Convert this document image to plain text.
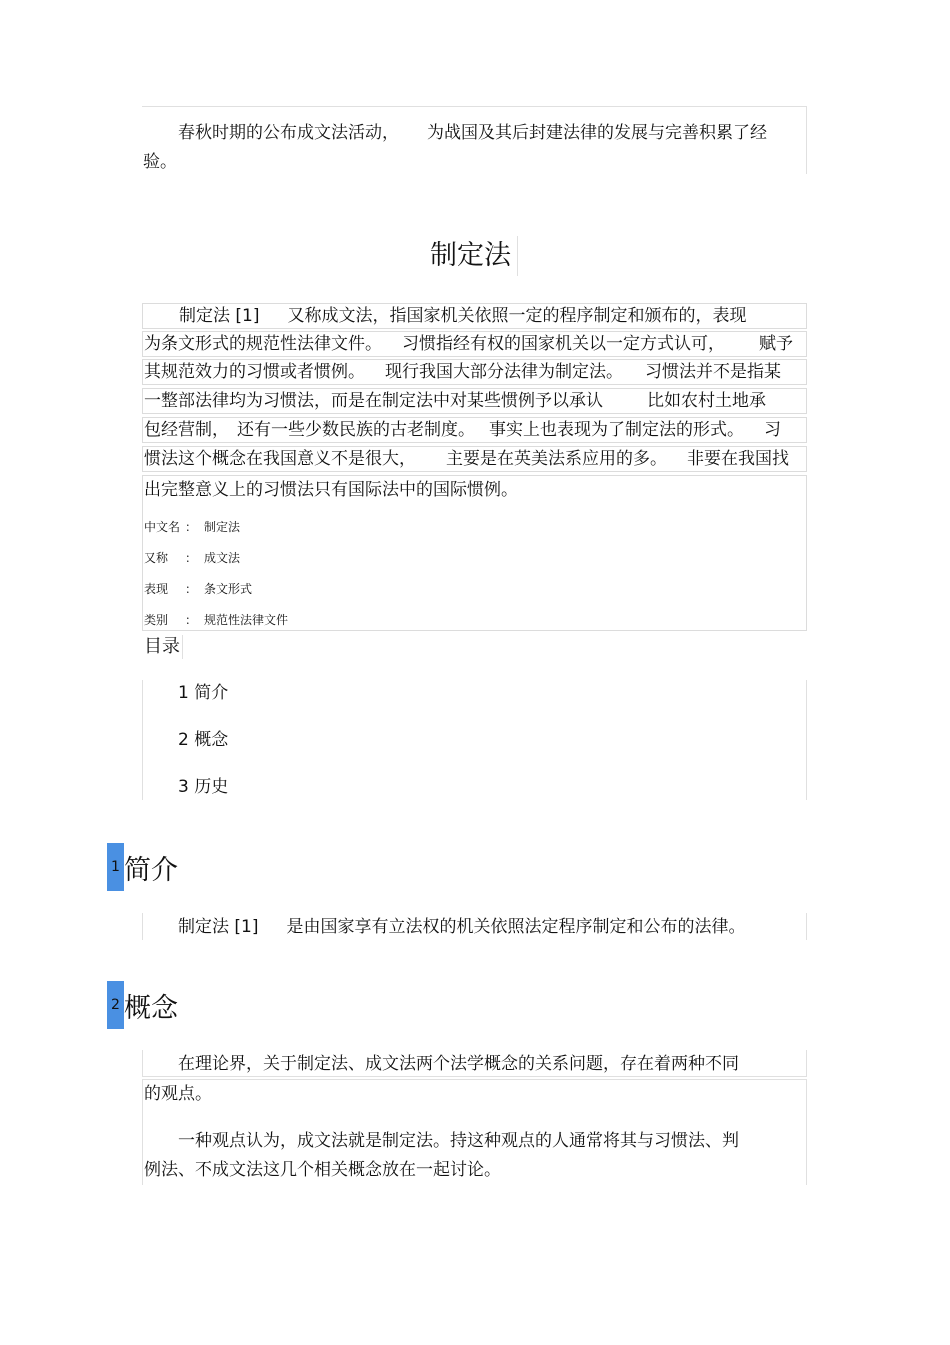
春秋时期的公布成文法活动， 为战国及其后封建法律的发展与完善积累了经
验。
制定法
制定法 [1] 又称成文法，指国家机关依照一定的程序制定和颁布的，表现
为条文形式的规范性法律文件。 习惯指经有权的国家机关以一定方式认可， 赋予
其规范效力的习惯或者惯例。 现行我国大部分法律为制定法。 习惯法并不是指某
一整部法律均为习惯法，而是在制定法中对某些惯例予以承认	比如农村土地承
包经营制， 还有一些少数民族的古老制度。 事实上也表现为了制定法的形式。 习
惯法这个概念在我国意义不是很大， 主要是在英美法系应用的多。 非要在我国找
出完整意义上的习惯法只有国际法中的国际惯例。
中文名 ： 制定法
又称 ： 成文法
表现 ： 条文形式
类别 ： 规范性法律文件
目录
1 简介
2 概念
3 历史
1 简介
制定法 [1] 是由国家享有立法权的机关依照法定程序制定和公布的法律。
2 概念
在理论界，关于制定法、成文法两个法学概念的关系问题，存在着两种不同
的观点。
一种观点认为，成文法就是制定法。持这种观点的人通常将其与习惯法、判
例法、不成文法这几个相关概念放在一起讨论。
